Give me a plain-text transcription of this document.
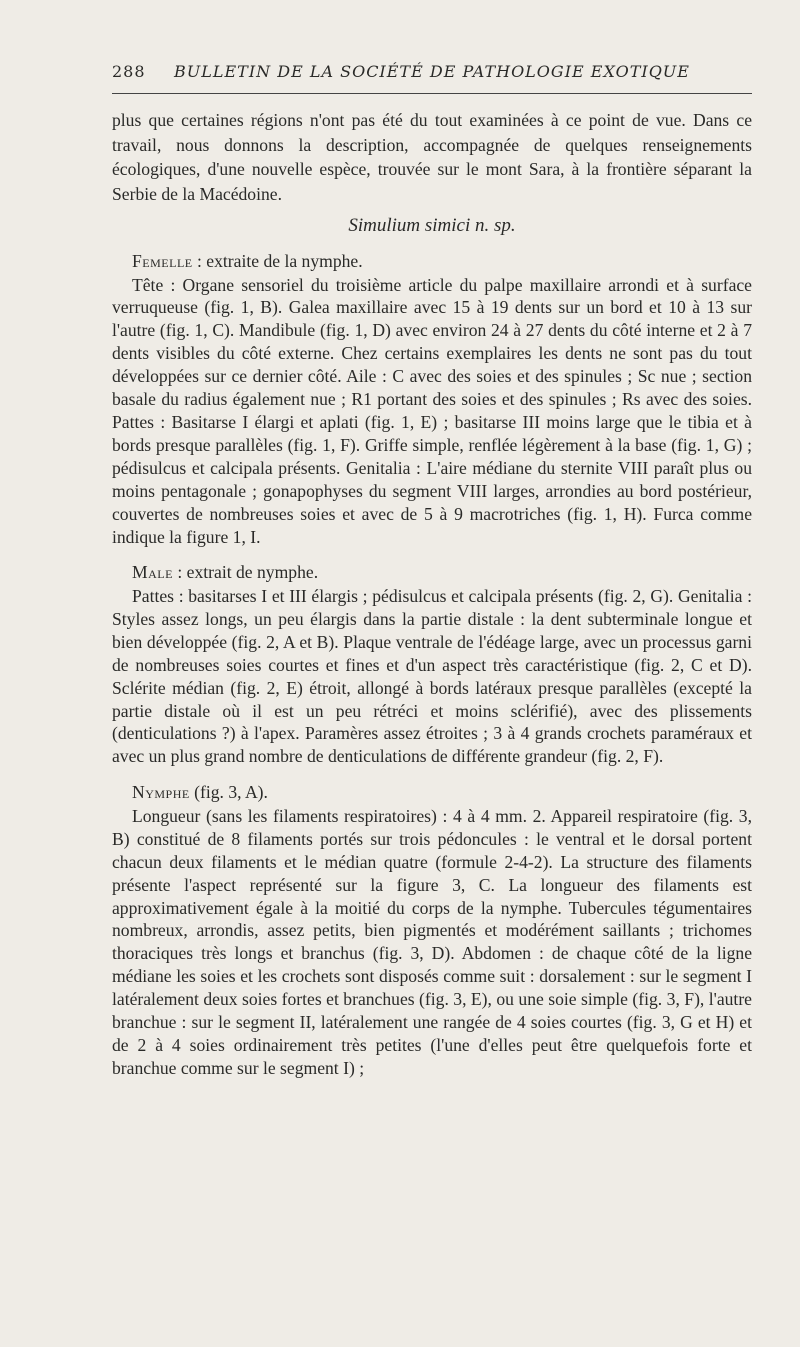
288 BULLETIN DE LA SOCIÉTÉ DE PATHOLOGIE EXOTIQUE

plus que certaines régions n'ont pas été du tout examinées à ce point de vue. Dans ce travail, nous donnons la description, accompagnée de quelques renseignements écologiques, d'une nouvelle espèce, trouvée sur le mont Sara, à la frontière séparant la Serbie de la Macédoine.

Simulium simici n. sp.

Femelle : extraite de la nymphe.

Tête : Organe sensoriel du troisième article du palpe maxillaire arrondi et à surface verruqueuse (fig. 1, B). Galea maxillaire avec 15 à 19 dents sur un bord et 10 à 13 sur l'autre (fig. 1, C). Mandibule (fig. 1, D) avec environ 24 à 27 dents du côté interne et 2 à 7 dents visibles du côté externe. Chez certains exemplaires les dents ne sont pas du tout développées sur ce dernier côté. Aile : C avec des soies et des spinules ; Sc nue ; section basale du radius également nue ; R1 portant des soies et des spinules ; Rs avec des soies. Pattes : Basitarse I élargi et aplati (fig. 1, E) ; basitarse III moins large que le tibia et à bords presque parallèles (fig. 1, F). Griffe simple, renflée légèrement à la base (fig. 1, G) ; pédisulcus et calcipala présents. Genitalia : L'aire médiane du sternite VIII paraît plus ou moins pentagonale ; gonapophyses du segment VIII larges, arrondies au bord postérieur, couvertes de nombreuses soies et avec de 5 à 9 macrotriches (fig. 1, H). Furca comme indique la figure 1, I.

Male : extrait de nymphe.

Pattes : basitarses I et III élargis ; pédisulcus et calcipala présents (fig. 2, G). Genitalia : Styles assez longs, un peu élargis dans la partie distale : la dent subterminale longue et bien développée (fig. 2, A et B). Plaque ventrale de l'édéage large, avec un processus garni de nombreuses soies courtes et fines et d'un aspect très caractéristique (fig. 2, C et D). Sclérite médian (fig. 2, E) étroit, allongé à bords latéraux presque parallèles (excepté la partie distale où il est un peu rétréci et moins sclérifié), avec des plissements (denticulations ?) à l'apex. Paramères assez étroites ; 3 à 4 grands crochets paraméraux et avec un plus grand nombre de denticulations de différente grandeur (fig. 2, F).

Nymphe (fig. 3, A).

Longueur (sans les filaments respiratoires) : 4 à 4 mm. 2. Appareil respiratoire (fig. 3, B) constitué de 8 filaments portés sur trois pédoncules : le ventral et le dorsal portent chacun deux filaments et le médian quatre (formule 2-4-2). La structure des filaments présente l'aspect représenté sur la figure 3, C. La longueur des filaments est approximativement égale à la moitié du corps de la nymphe. Tubercules tégumentaires nombreux, arrondis, assez petits, bien pigmentés et modérément saillants ; trichomes thoraciques très longs et branchus (fig. 3, D). Abdomen : de chaque côté de la ligne médiane les soies et les crochets sont disposés comme suit : dorsalement : sur le segment I latéralement deux soies fortes et branchues (fig. 3, E), ou une soie simple (fig. 3, F), l'autre branchue : sur le segment II, latéralement une rangée de 4 soies courtes (fig. 3, G et H) et de 2 à 4 soies ordinairement très petites (l'une d'elles peut être quelquefois forte et branchue comme sur le segment I) ;
